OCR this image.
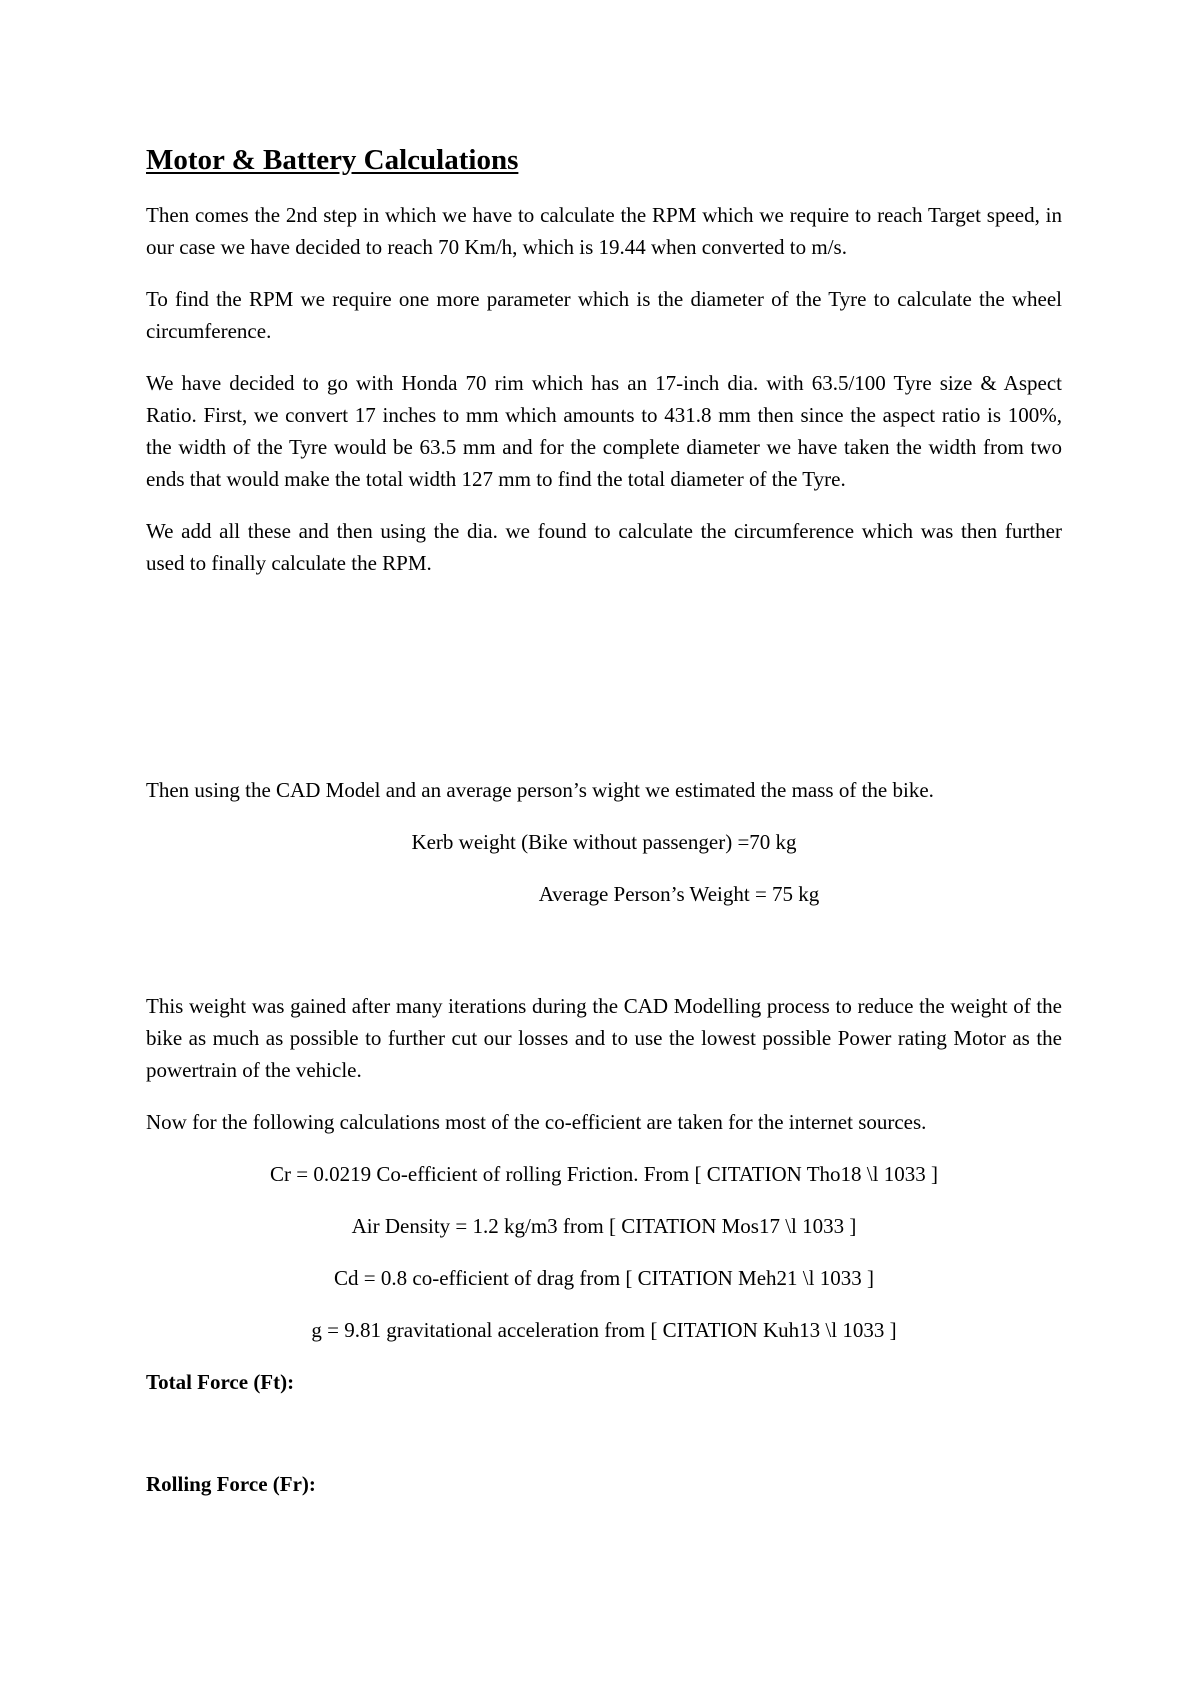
Motor & Battery Calculations

Then comes the 2nd step in which we have to calculate the RPM which we require to reach Target speed, in our case we have decided to reach 70 Km/h, which is 19.44 when converted to m/s.

To find the RPM we require one more parameter which is the diameter of the Tyre to calculate the wheel circumference.

We have decided to go with Honda 70 rim which has an 17-inch dia. with 63.5/100 Tyre size & Aspect Ratio. First, we convert 17 inches to mm which amounts to 431.8 mm then since the aspect ratio is 100%, the width of the Tyre would be 63.5 mm and for the complete diameter we have taken the width from two ends that would make the total width 127 mm to find the total diameter of the Tyre.

We add all these and then using the dia. we found to calculate the circumference which was then further used to finally calculate the RPM.

Then using the CAD Model and an average person’s wight we estimated the mass of the bike.

Kerb weight (Bike without passenger) =70 kg

Average Person’s Weight = 75 kg

This weight was gained after many iterations during the CAD Modelling process to reduce the weight of the bike as much as possible to further cut our losses and to use the lowest possible Power rating Motor as the powertrain of the vehicle.

Now for the following calculations most of the co-efficient are taken for the internet sources.

Cr = 0.0219 Co-efficient of rolling Friction. From [ CITATION Tho18 \l 1033 ]

Air Density = 1.2 kg/m3 from [ CITATION Mos17 \l 1033 ]

Cd = 0.8 co-efficient of drag from [ CITATION Meh21 \l 1033 ]

g = 9.81 gravitational acceleration from [ CITATION Kuh13 \l 1033 ]

Total Force (Ft):

Rolling Force (Fr):
